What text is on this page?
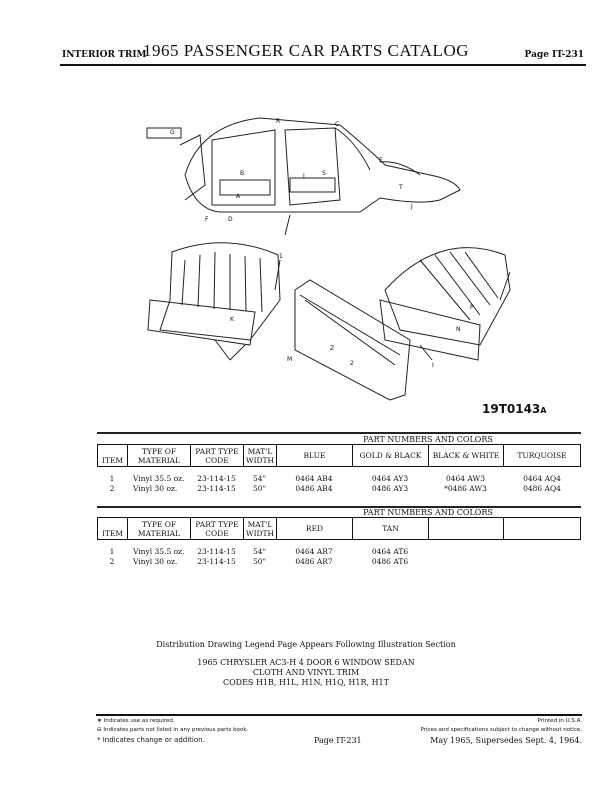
INTERIOR TRIM
1965 PASSENGER CAR PARTS CATALOG	Page IT-231
G
R	C
E
B	S
L
A
T
J
F	D
1
K
M
Z
2
N
P
I
19T0143A
PART NUMBERS AND COLORS
ITEM	TYPE OF MATERIAL	PART TYPE CODE	MAT'L WIDTH	BLUE	GOLD & BLACK	BLACK & WHITE	TURQUOISE
1	Vinyl 35.5 oz.	23-114-15	54"	0464 AB4	0464 AY3	0464 AW3	0464 AQ4
2	Vinyl 30 oz.	23-114-15	50"	0486 AB4	0486 AY3	*0486 AW3	0486 AQ4
PART NUMBERS AND COLORS
ITEM	TYPE OF MATERIAL	PART TYPE CODE	MAT'L WIDTH	RED	TAN		
1	Vinyl 35.5 oz.	23-114-15	54"	0464 AR7	0464 AT6		
2	Vinyl 30 oz.	23-114-15	50"	0486 AR7	0486 AT6		
Distribution Drawing Legend Page Appears Following Illustration Section
1965 CHRYSLER AC3-H 4 DOOR 6 WINDOW SEDAN
CLOTH AND VINYL TRIM
CODES H1B, H1L, H1N, H1Q, H1R, H1T
★ Indicates use as required.
⊟ Indicates parts not listed in any previous parts book.
* Indicates change or addition.	Page IT-231
Printed in U.S.A.
Prices and specifications subject to change without notice.
May 1965, Supersedes Sept. 4, 1964.
